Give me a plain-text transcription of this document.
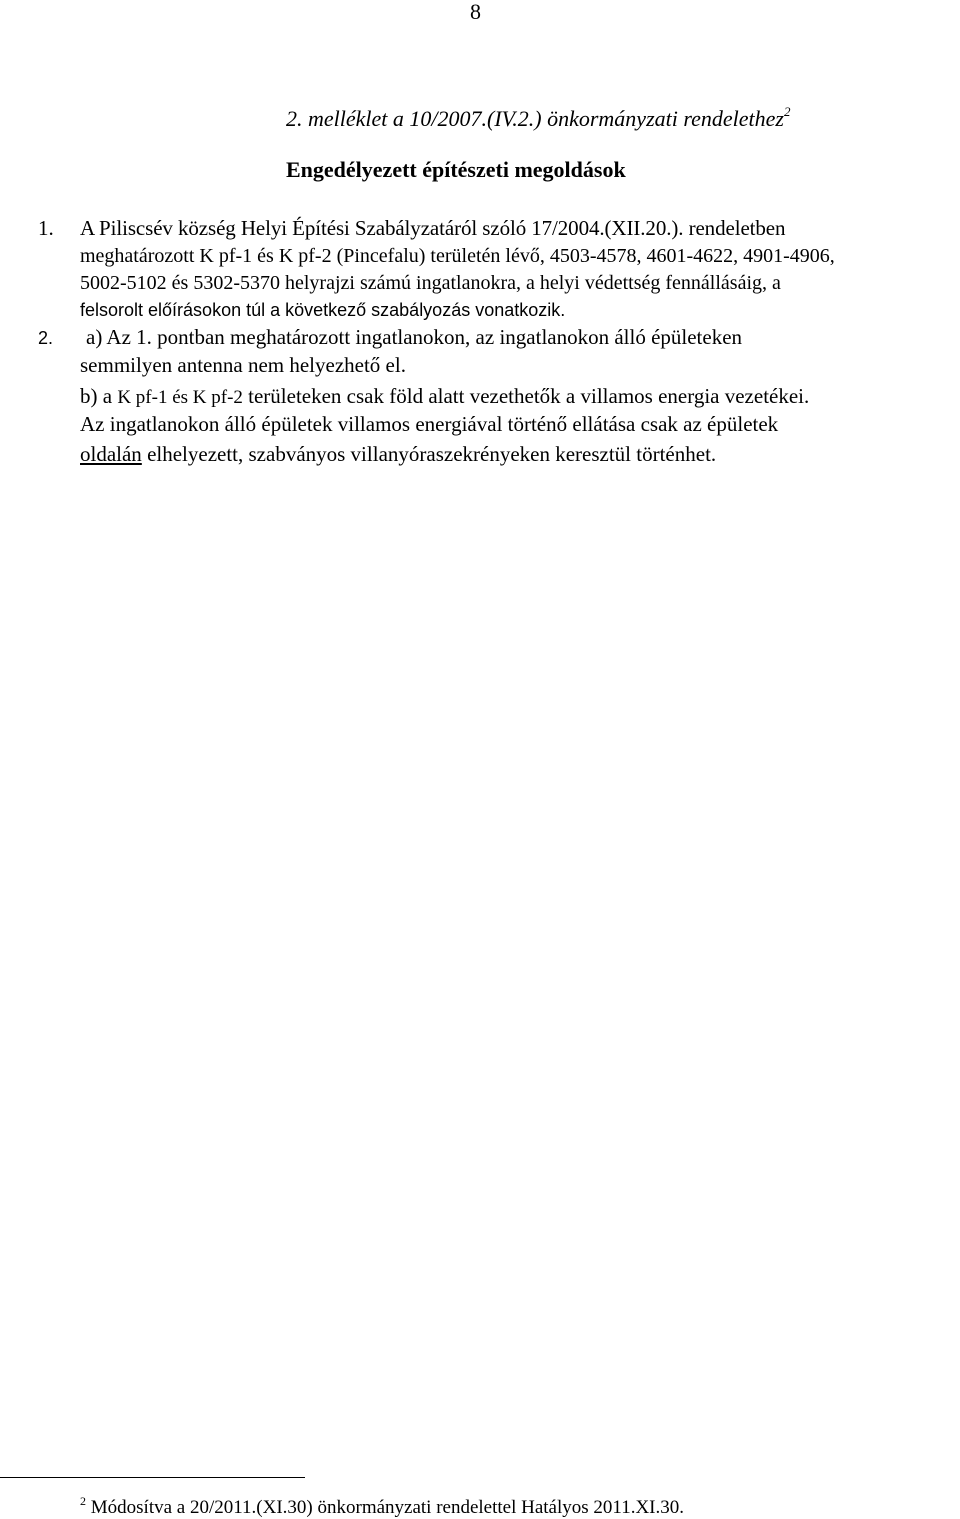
8
2. melléklet a 10/2007.(IV.2.) önkormányzati rendelethez$^2$
Engedélyezett építészeti megoldások
1. A Piliscsév község Helyi Építési Szabályzatáról szóló 17/2004.(XII.20.). rendeletben
meghatározott K pf-1 és K pf-2 (Pincefalu) területén lévő, 4503-4578, 4601-4622, 4901-4906,
5002-5102 és 5302-5370 helyrajzi számú ingatlanokra, a helyi védettség fennállásáig, a
felsorolt előírásokon túl a következő szabályozás vonatkozik.
2. a) Az 1. pontban meghatározott ingatlanokon, az ingatlanokon álló épületeken
semmilyen antenna nem helyezhető el.
b) a K pf-1 és K pf-2 területeken csak föld alatt vezethetők a villamos energia vezetékei.
Az ingatlanokon álló épületek villamos energiával történő ellátása csak az épületek
oldalán elhelyezett, szabványos villanyóraszekrényeken keresztül történhet.
$^2$ Módosítva a 20/2011.(XI.30) önkormányzati rendelettel Hatályos 2011.XI.30.
